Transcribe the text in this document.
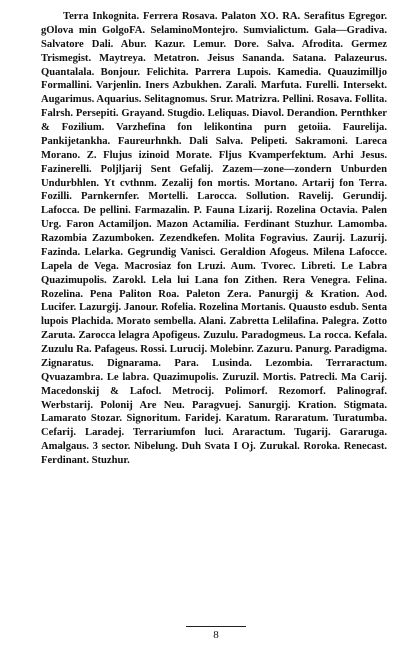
Terra Inkognita. Ferrera Rosava. Palaton XO. RA. Serafitus Egregor. gOlova min GolgoFA. SelaminoMontejro. Sumvialictum. Gala—Gradiva. Salvatore Dali. Abur. Kazur. Lemur. Dore. Salva. Afrodita. Germez Trismegist. Maytreya. Metatron. Jeisus Sananda. Satana. Palazeurus. Quantalala. Bonjour. Felichita. Parrera Lupois. Kamedia. Quauzimillјo Formallini. Varjenlin. Iners Azbukhen. Zarali. Marfuta. Furelli. Intersekt. Augarimus. Aquarius. Selitagnomus. Srur. Matrizra. Pellini. Rosava. Follita. Falrsh. Persepiti. Grayand. Stugdio. Leliquas. Diavol. Derandion. Pernthker & Fozilium. Varzhefina fon lelikontina purn getoiia. Faurelija. Pankijetankha. Faureurhnkh. Dali Salva. Pelipeti. Sakramoni. Lareca Morano. Z. Flujus izinoid Morate. Fljus Kvamperfektum. Arhi Jesus. Fazinerelli. Poljljarij Sent Gefalij. Zazem—zone—zondern Unburden Undurbhlen. Yt cvthnm. Zezalij fon mortis. Mortano. Artarij fon Terra. Fozilli. Parnkernfer. Mortelli. Larocca. Sollution. Ravelij. Gerundij. Lafocca. De pellini. Farmazalin. P. Fauna Lizarij. Rozelina Octavia. Palen Urg. Faron Actamiljon. Mazon Actamilia. Ferdinant Stuzhur. Lamomba. Razombia Zazumboken. Zezendkefen. Molita Fogravius. Zaurij. Lazurij. Fazinda. Lelarka. Gegrundig Vanisci. Geraldion Afogeus. Milena Lafocce. Lapela de Vega. Macrosiaz fon Lruzi. Aum. Tvorec. Libreti. Le Labra Quazimupolis. Zarokl. Lela lui Lana fon Zithen. Rera Venegra. Felina. Rozelina. Pena Paliton Roa. Paleton Zera. Panurgij & Kration. Aod. Lucifer. Lazurgij. Janour. Rofelia. Rozelina Mortanis. Quausto esdub. Senta lupois Plachida. Morato sembella. Alani. Zabretta Lelilafina. Palegra. Zotto Zaruta. Zarocca lelagra Apofigeus. Zuzulu. Paradogmeus. La rocca. Kefala. Zuzulu Ra. Pafageus. Rossi. Lurucij. Molebinr. Zazuru. Panurg. Paradigma. Zignaratus. Dignarama. Para. Lusinda. Lezombia. Terraractum. Qvuazambra. Le labra. Quazimupolis. Zuruzil. Mortis. Patrecli. Ma Carij. Macedonskij & Lafocl. Metrocij. Polimorf. Rezomorf. Palinograf. Werbstarij. Polonij Are Neu. Paragvuej. Sanurgij. Kration. Stigmata. Lamarato Stozar. Signoritum. Faridej. Karatum. Rararatum. Turatumba. Cefarij. Laradej. Terrariumfon luci. Araractum. Tugarij. Gararuga. Amalgaus. 3 sector. Nibelung. Duh Svata I Oj. Zurukal. Roroka. Renecast. Ferdinant. Stuzhur.

8
